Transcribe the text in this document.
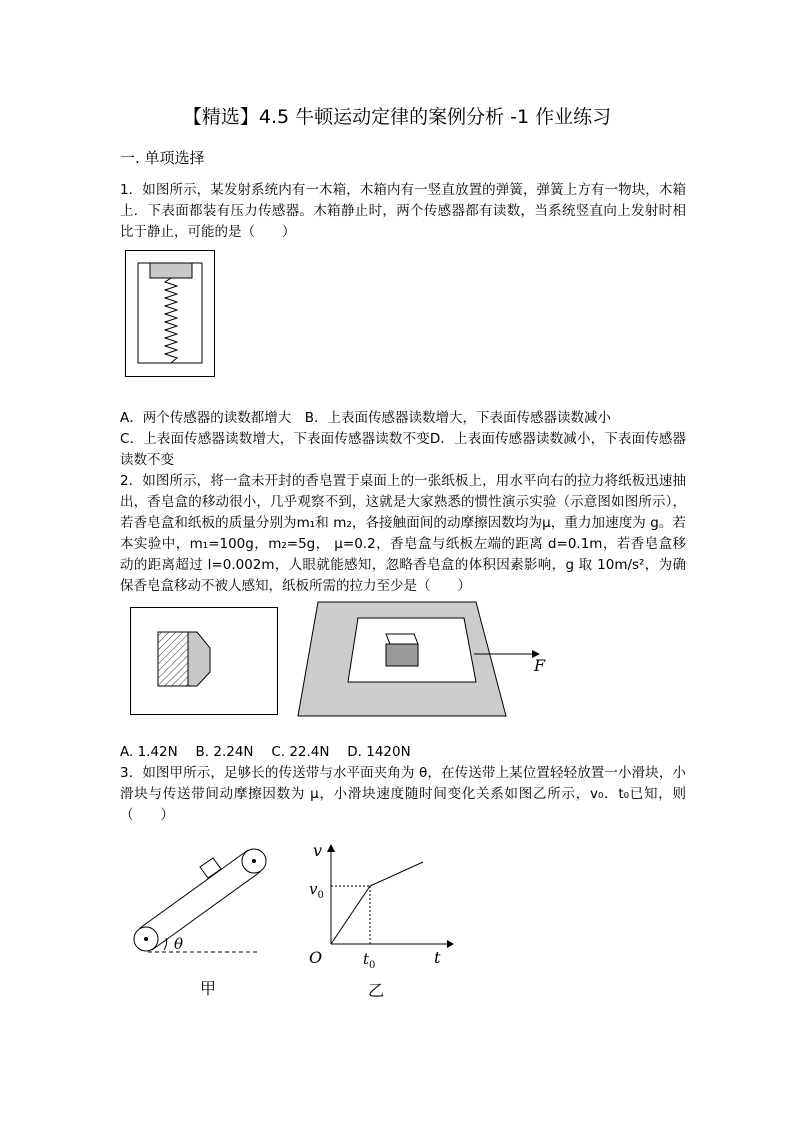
【精选】4.5 牛顿运动定律的案例分析 -1 作业练习
一. 单项选择
1．如图所示，某发射系统内有一木箱，木箱内有一竖直放置的弹簧，弹簧上方有一物块，木箱上．下表面都装有压力传感器。木箱静止时，两个传感器都有读数，当系统竖直向上发射时相比于静止，可能的是（　　）
A．两个传感器的读数都增大　B．上表面传感器读数增大，下表面传感器读数减小
C．上表面传感器读数增大，下表面传感器读数不变D．上表面传感器读数减小，下表面传感器读数不变
2．如图所示，将一盒未开封的香皂置于桌面上的一张纸板上，用水平向右的拉力将纸板迅速抽出，香皂盒的移动很小，几乎观察不到，这就是大家熟悉的惯性演示实验（示意图如图所示），若香皂盒和纸板的质量分别为m₁和 m₂，各接触面间的动摩擦因数均为μ，重力加速度为 g。若本实验中，m₁=100g，m₂=5g， μ=0.2，香皂盒与纸板左端的距离 d=0.1m，若香皂盒移动的距离超过 l=0.002m，人眼就能感知，忽略香皂盒的体积因素影响，g 取 10m/s²，为确保香皂盒移动不被人感知，纸板所需的拉力至少是（　　）
F
A. 1.42N　 B. 2.24N　 C. 22.4N　 D. 1420N
3．如图甲所示，足够长的传送带与水平面夹角为 θ，在传送带上某位置轻轻放置一小滑块，小滑块与传送带间动摩擦因数为 μ，小滑块速度随时间变化关系如图乙所示，v₀．t₀已知，则（　　）
θ
甲
v
t
O
$v_0$
$t_0$
乙
